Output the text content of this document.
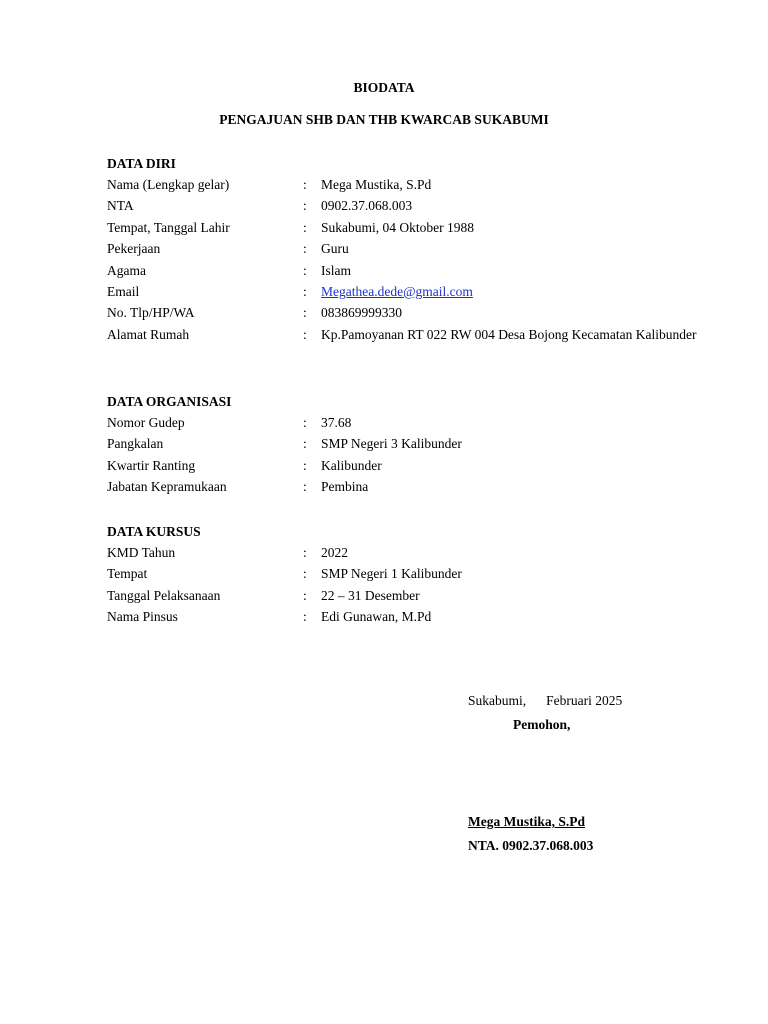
BIODATA
PENGAJUAN SHB DAN THB KWARCAB SUKABUMI
DATA DIRI
Nama (Lengkap gelar)	:	Mega Mustika, S.Pd
NTA	:	0902.37.068.003
Tempat, Tanggal Lahir	:	Sukabumi, 04 Oktober 1988
Pekerjaan	:	Guru
Agama	:	Islam
Email	:	Megathea.dede@gmail.com
No. Tlp/HP/WA	:	083869999330
Alamat Rumah	:	Kp.Pamoyanan RT 022 RW 004 Desa Bojong Kecamatan Kalibunder
DATA ORGANISASI
Nomor Gudep	:	37.68
Pangkalan	:	SMP Negeri 3 Kalibunder
Kwartir Ranting	:	Kalibunder
Jabatan Kepramukaan	:	Pembina
DATA KURSUS
KMD Tahun	:	2022
Tempat	:	SMP Negeri 1 Kalibunder
Tanggal Pelaksanaan	:	22 – 31 Desember
Nama Pinsus	:	Edi Gunawan, M.Pd
Sukabumi, Februari 2025
Pemohon,
Mega Mustika, S.Pd
NTA. 0902.37.068.003
